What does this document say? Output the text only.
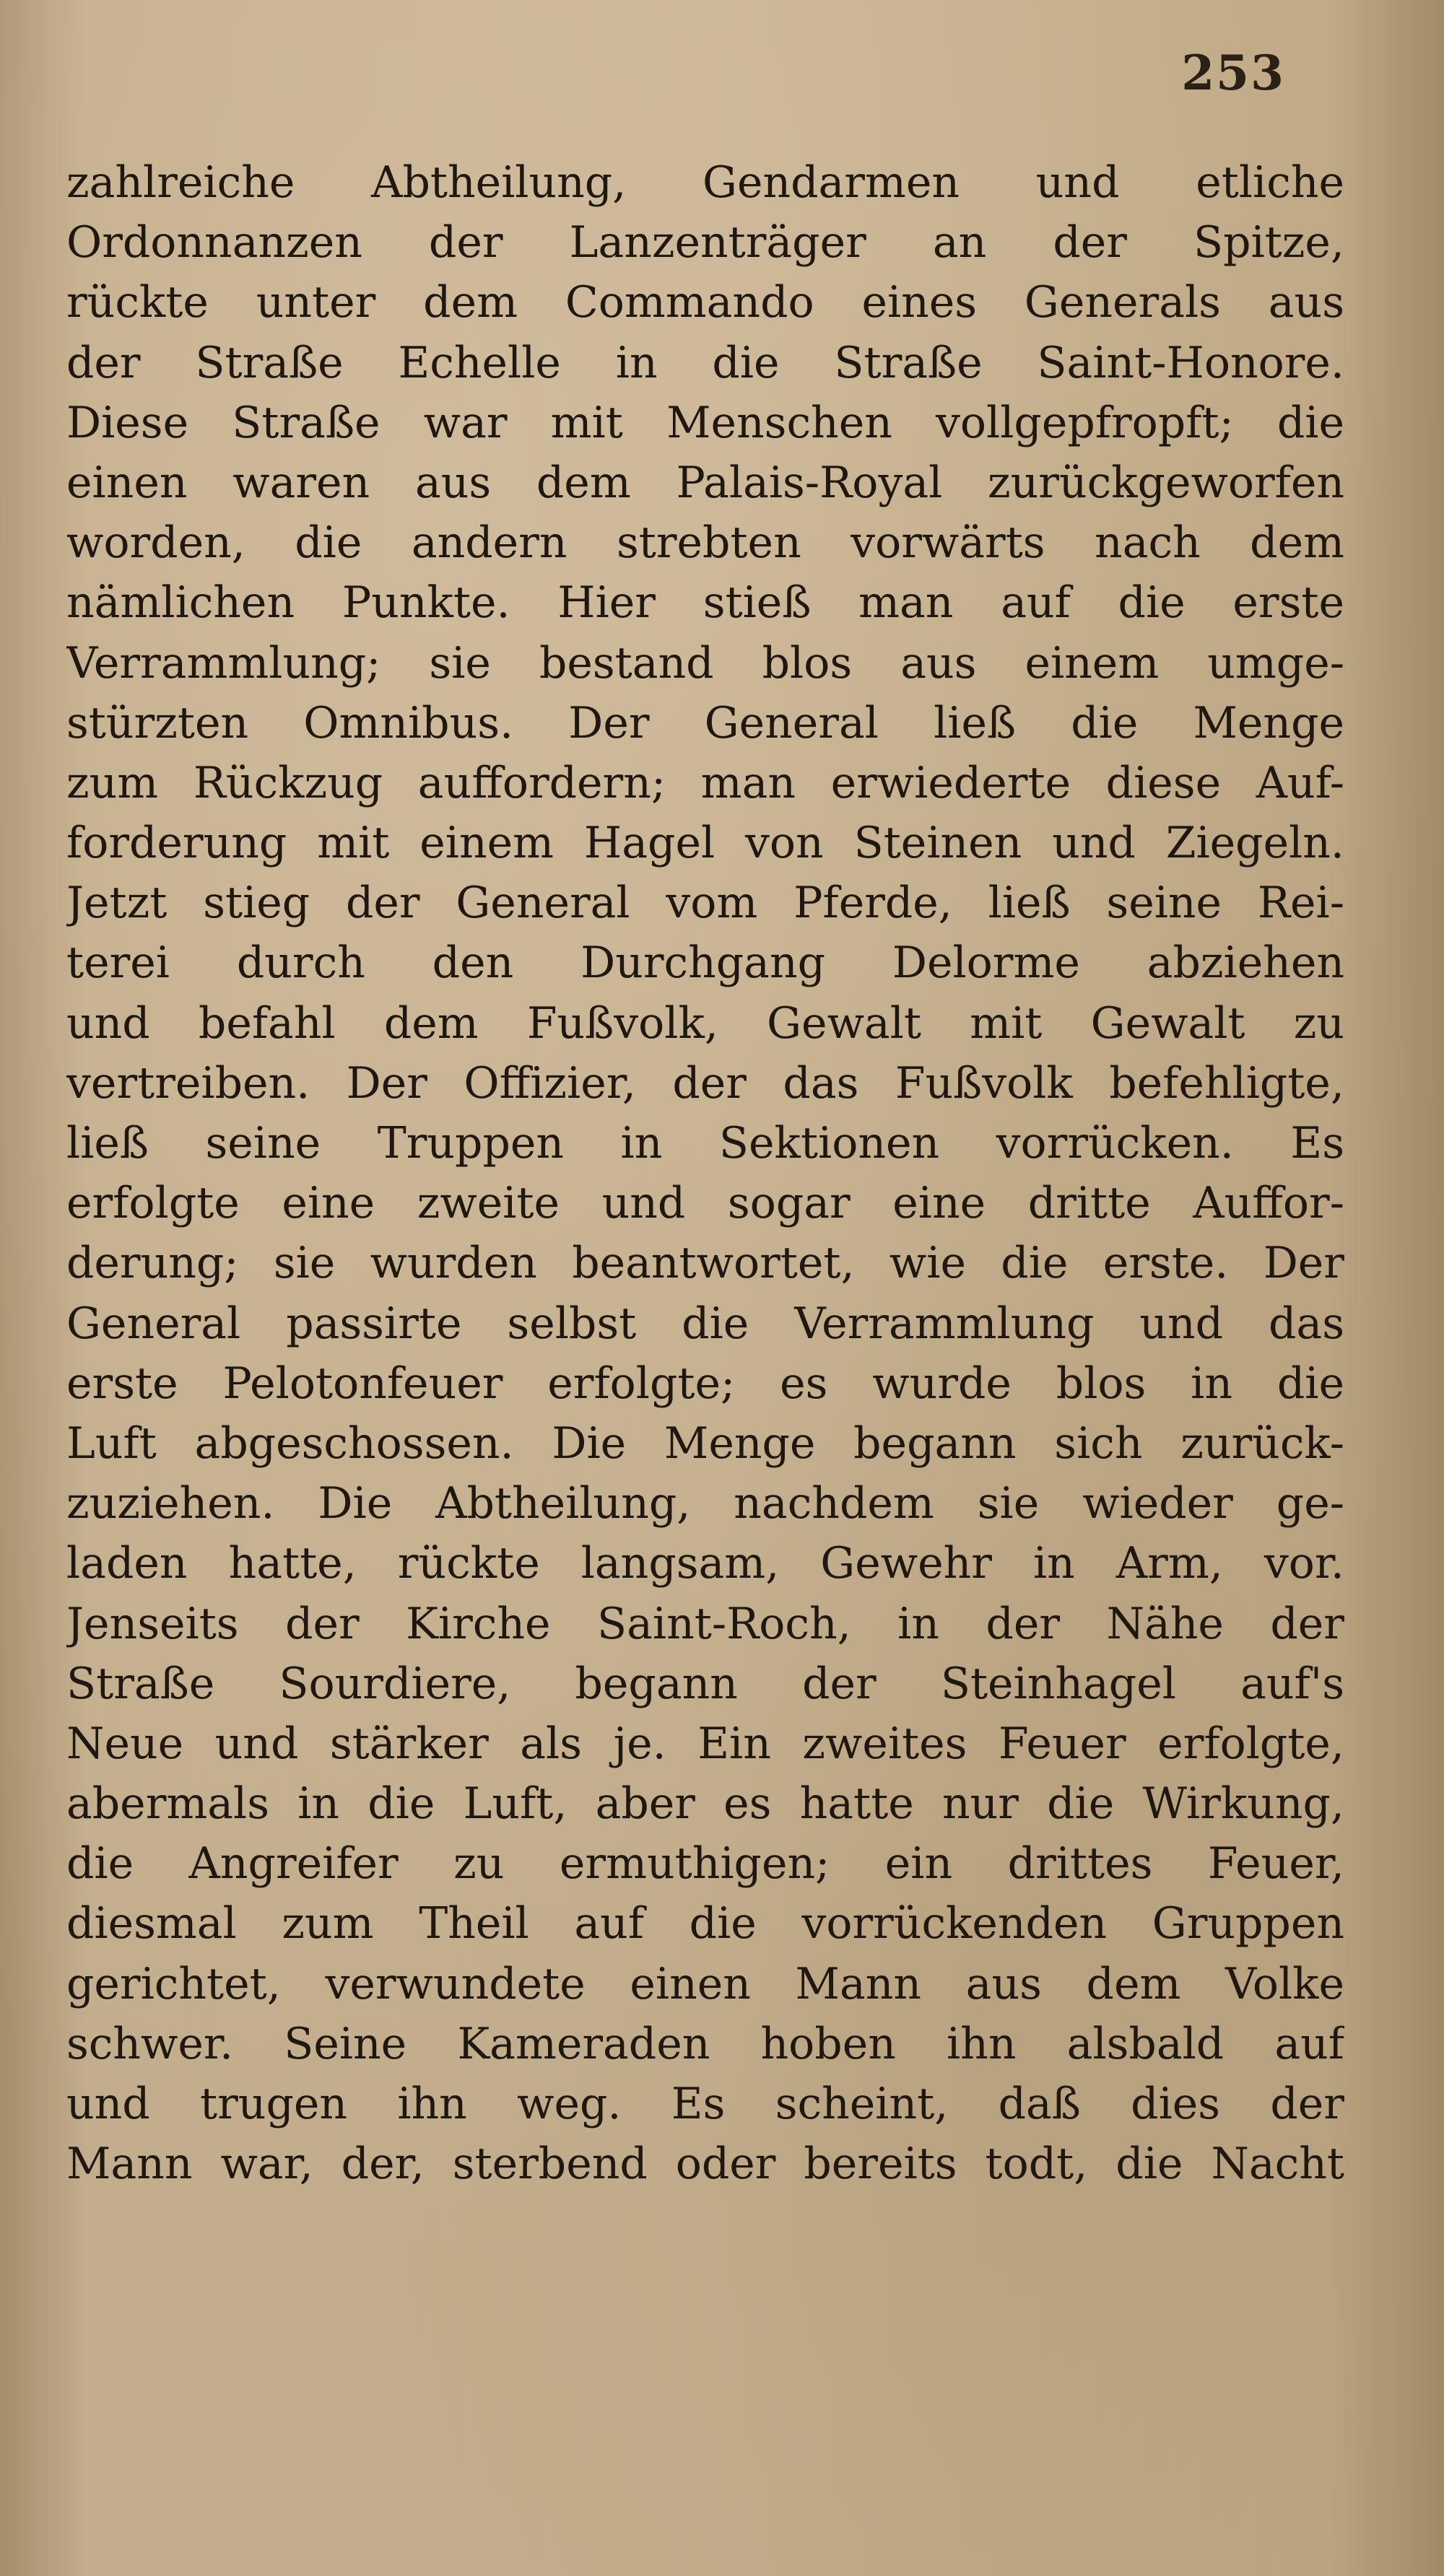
253
zahlreiche Abtheilung, Gendarmen und etliche
Ordonnanzen der Lanzenträger an der Spitze,
rückte unter dem Commando eines Generals aus
der Straße Echelle in die Straße Saint-Honore.
Diese Straße war mit Menschen vollgepfropft; die
einen waren aus dem Palais-Royal zurückgeworfen
worden, die andern strebten vorwärts nach dem
nämlichen Punkte. Hier stieß man auf die erste
Verrammlung; sie bestand blos aus einem umge-
stürzten Omnibus. Der General ließ die Menge
zum Rückzug auffordern; man erwiederte diese Auf-
forderung mit einem Hagel von Steinen und Ziegeln.
Jetzt stieg der General vom Pferde, ließ seine Rei-
terei durch den Durchgang Delorme abziehen
und befahl dem Fußvolk, Gewalt mit Gewalt zu
vertreiben. Der Offizier, der das Fußvolk befehligte,
ließ seine Truppen in Sektionen vorrücken. Es
erfolgte eine zweite und sogar eine dritte Auffor-
derung; sie wurden beantwortet, wie die erste. Der
General passirte selbst die Verrammlung und das
erste Pelotonfeuer erfolgte; es wurde blos in die
Luft abgeschossen. Die Menge begann sich zurück-
zuziehen. Die Abtheilung, nachdem sie wieder ge-
laden hatte, rückte langsam, Gewehr in Arm, vor.
Jenseits der Kirche Saint-Roch, in der Nähe der
Straße Sourdiere, begann der Steinhagel auf's
Neue und stärker als je. Ein zweites Feuer erfolgte,
abermals in die Luft, aber es hatte nur die Wirkung,
die Angreifer zu ermuthigen; ein drittes Feuer,
diesmal zum Theil auf die vorrückenden Gruppen
gerichtet, verwundete einen Mann aus dem Volke
schwer. Seine Kameraden hoben ihn alsbald auf
und trugen ihn weg. Es scheint, daß dies der
Mann war, der, sterbend oder bereits todt, die Nacht
